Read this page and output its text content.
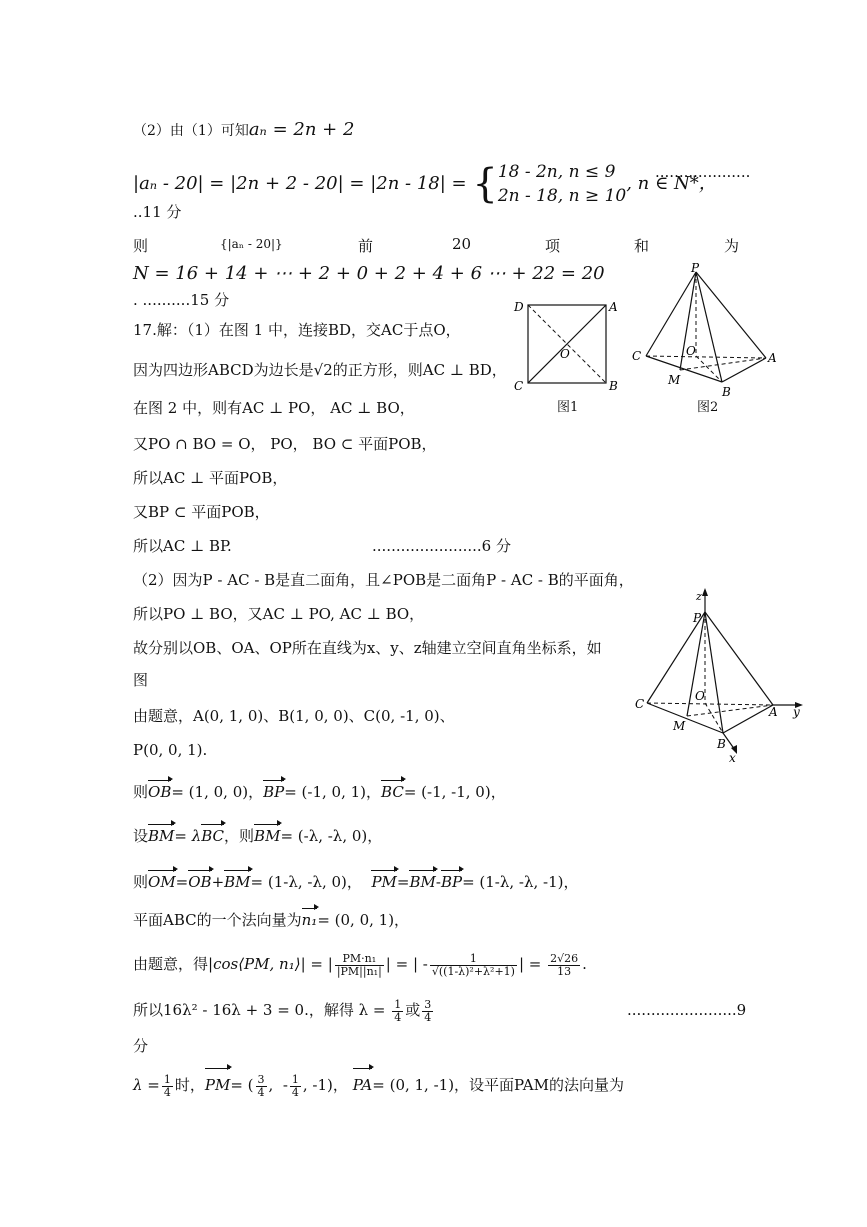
（2）由（1）可知aₙ = 2n + 2
|aₙ - 20| = |2n + 2 - 20| = |2n - 18| = {18 - 2n, n ≤ 9
2n - 18, n ≥ 10, n ∈ N*，
....................
..11 分
则	{|aₙ - 20|}	前	20	项	和	为
N = 16 + 14 + ⋯ + 2 + 0 + 2 + 4 + 6 ⋯ + 22 = 20
. ..........15 分	D	A
C	B
O
图1
P
C	A
B
M
O
图2
17.解：（1）在图 1 中，连接BD，交AC于点O，
因为四边形ABCD为边长是√2的正方形，则AC ⊥ BD，
在图 2 中，则有AC ⊥ PO， AC ⊥ BO，
又PO ∩ BO = O， PO， BO ⊂ 平面POB，
所以AC ⊥ 平面POB，
又BP ⊂ 平面POB，
所以AC ⊥ BP.	.......................6 分
（2）因为P - AC - B是直二面角，且∠POB是二面角P - AC - B的平面角，
所以PO ⊥ BO，又AC ⊥ PO, AC ⊥ BO，
故分别以OB、OA、OP所在直线为x、y、z轴建立空间直角坐标系，如
图
z
P
C
A y
B
x
M
O
由题意，A(0, 1, 0)、B(1, 0, 0)、C(0, -1, 0)、
P(0, 0, 1).
则OB= (1, 0, 0)，BP= (-1, 0, 1)，BC= (-1, -1, 0)，
设BM= λBC，则BM= (-λ, -λ, 0)，
则OM=OB+BM= (1-λ, -λ, 0)， PM=BM-BP= (1-λ, -λ, -1)，
平面ABC的一个法向量为n₁= (0, 0, 1)，
由题意，得|cos⟨PM, n₁⟩| = | $\frac{\text{PM·n₁}}{\text{|PM||n₁|}}$ | = | - $\frac{1}{\text{√((1-λ)²+λ²+1)}}$ | = $\frac{2√26}{13}$ .
所以16λ² - 16λ + 3 = 0.，解得 $\lambda = \frac{1}{4}$ 或 $\frac{3}{4}$	.......................9
分
$\lambda = \frac{1}{4}$ 时，PM= ( $\frac{3}{4}$ ,  - $\frac{1}{4}$ , -1)， PA= (0, 1, -1)，设平面PAM的法向量为
